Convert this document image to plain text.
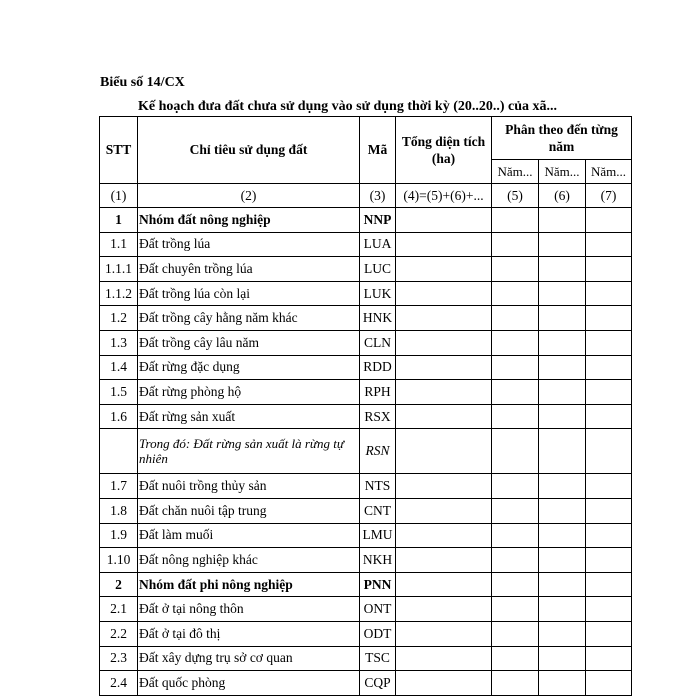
Biểu số 14/CX
Kế hoạch đưa đất chưa sử dụng vào sử dụng thời kỳ (20..20..) của xã...
STT	Chỉ tiêu sử dụng đất	Mã	Tổng diện tích (ha)	Phân theo đến từng năm		
				Năm...	Năm...	Năm...
(1)	(2)	(3)	(4)=(5)+(6)+...	(5)	(6)	(7)
1	Nhóm đất nông nghiệp	NNP				
1.1	Đất trồng lúa	LUA				
1.1.1	Đất chuyên trồng lúa	LUC				
1.1.2	Đất trồng lúa còn lại	LUK				
1.2	Đất trồng cây hằng năm khác	HNK				
1.3	Đất trồng cây lâu năm	CLN				
1.4	Đất rừng đặc dụng	RDD				
1.5	Đất rừng phòng hộ	RPH				
1.6	Đất rừng sản xuất	RSX				
	Trong đó: Đất rừng sản xuất là rừng tự nhiên	RSN				
1.7	Đất nuôi trồng thủy sản	NTS				
1.8	Đất chăn nuôi tập trung	CNT				
1.9	Đất làm muối	LMU				
1.10	Đất nông nghiệp khác	NKH				
2	Nhóm đất phi nông nghiệp	PNN				
2.1	Đất ở tại nông thôn	ONT				
2.2	Đất ở tại đô thị	ODT				
2.3	Đất xây dựng trụ sở cơ quan	TSC				
2.4	Đất quốc phòng	CQP				
